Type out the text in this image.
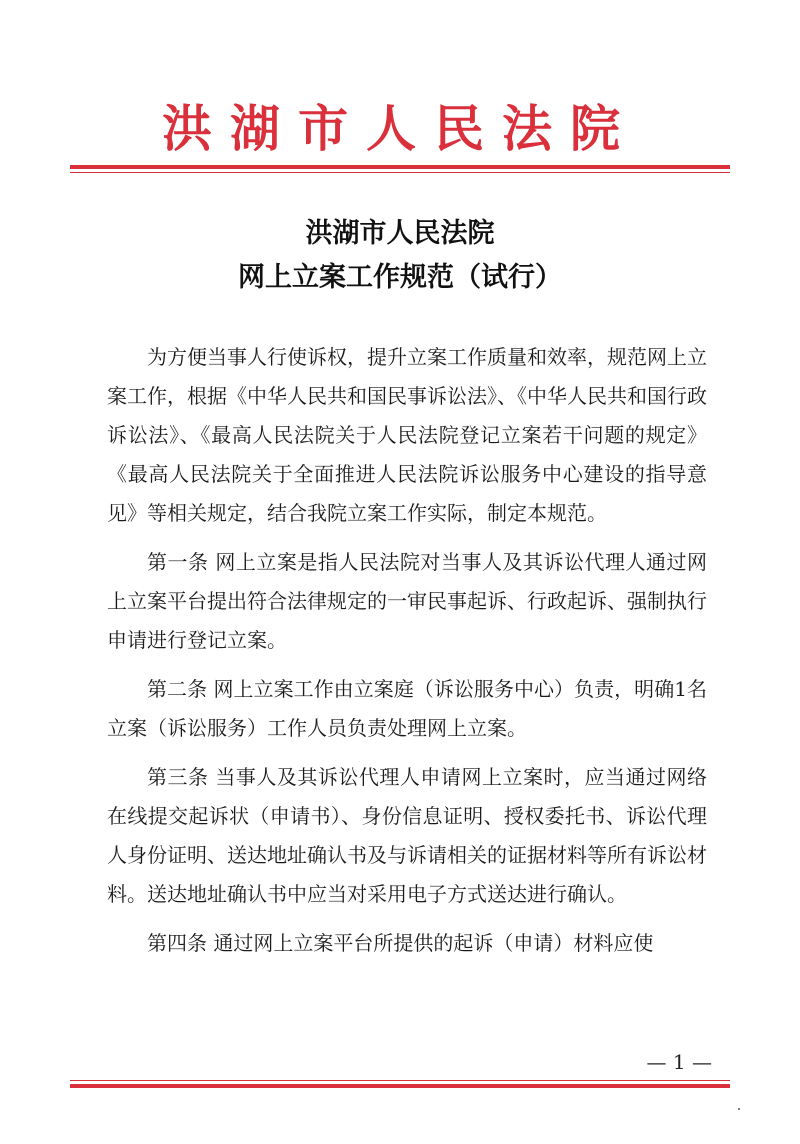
洪湖市人民法院
洪湖市人民法院
网上立案工作规范（试行）

为方便当事人行使诉权，提升立案工作质量和效率，规范网上立案工作，根据《中华人民共和国民事诉讼法》、《中华人民共和国行政诉讼法》、《最高人民法院关于人民法院登记立案若干问题的规定》《最高人民法院关于全面推进人民法院诉讼服务中心建设的指导意见》等相关规定，结合我院立案工作实际，制定本规范。

第一条 网上立案是指人民法院对当事人及其诉讼代理人通过网上立案平台提出符合法律规定的一审民事起诉、行政起诉、强制执行申请进行登记立案。

第二条 网上立案工作由立案庭（诉讼服务中心）负责，明确1名立案（诉讼服务）工作人员负责处理网上立案。

第三条 当事人及其诉讼代理人申请网上立案时，应当通过网络在线提交起诉状（申请书）、身份信息证明、授权委托书、诉讼代理人身份证明、送达地址确认书及与诉请相关的证据材料等所有诉讼材料。送达地址确认书中应当对采用电子方式送达进行确认。

第四条 通过网上立案平台所提供的起诉（申请）材料应使

— 1 —
